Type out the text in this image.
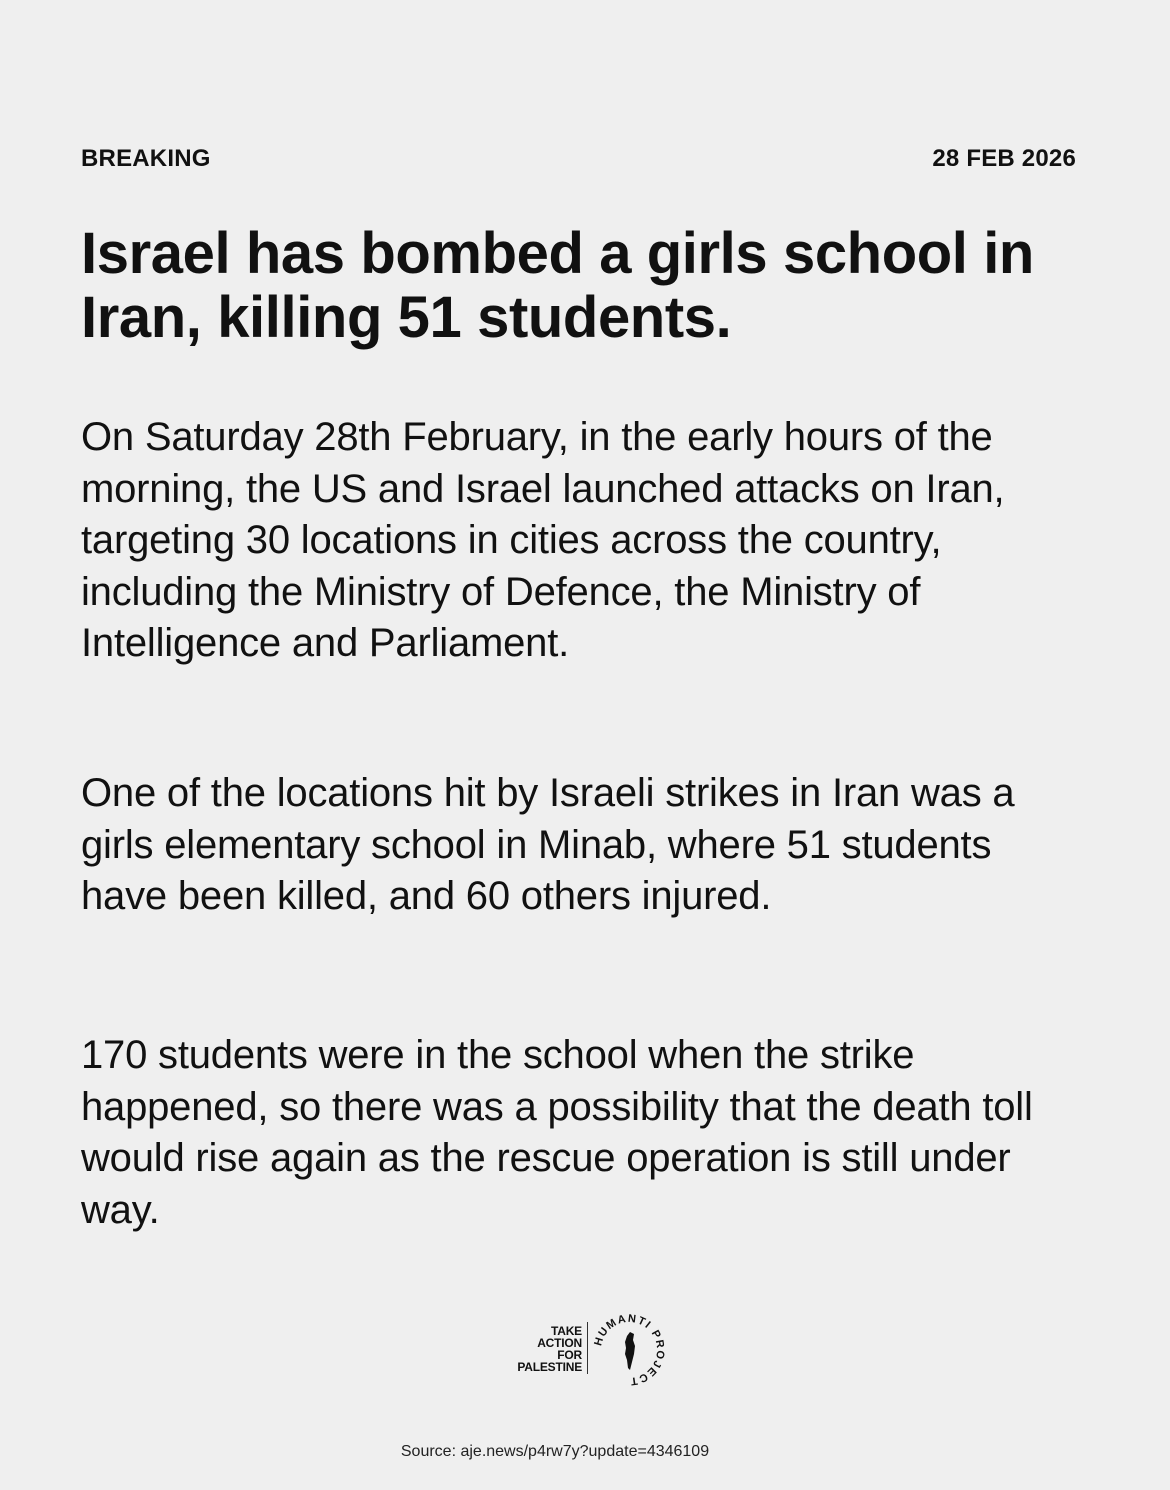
BREAKING	28 FEB 2026
Israel has bombed a girls school in Iran, killing 51 students.

On Saturday 28th February, in the early hours of the morning, the US and Israel launched attacks on Iran, targeting 30 locations in cities across the country, including the Ministry of Defence, the Ministry of Intelligence and Parliament.

One of the locations hit by Israeli strikes in Iran was a girls elementary school in Minab, where 51 students have been killed, and 60 others injured.

170 students were in the school when the strike happened, so there was a possibility that the death toll would rise again as the rescue operation is still under way.

TAKE
ACTION
FOR
PALESTINE
HUMANTI PROJECT
Source: aje.news/p4rw7y?update=4346109
